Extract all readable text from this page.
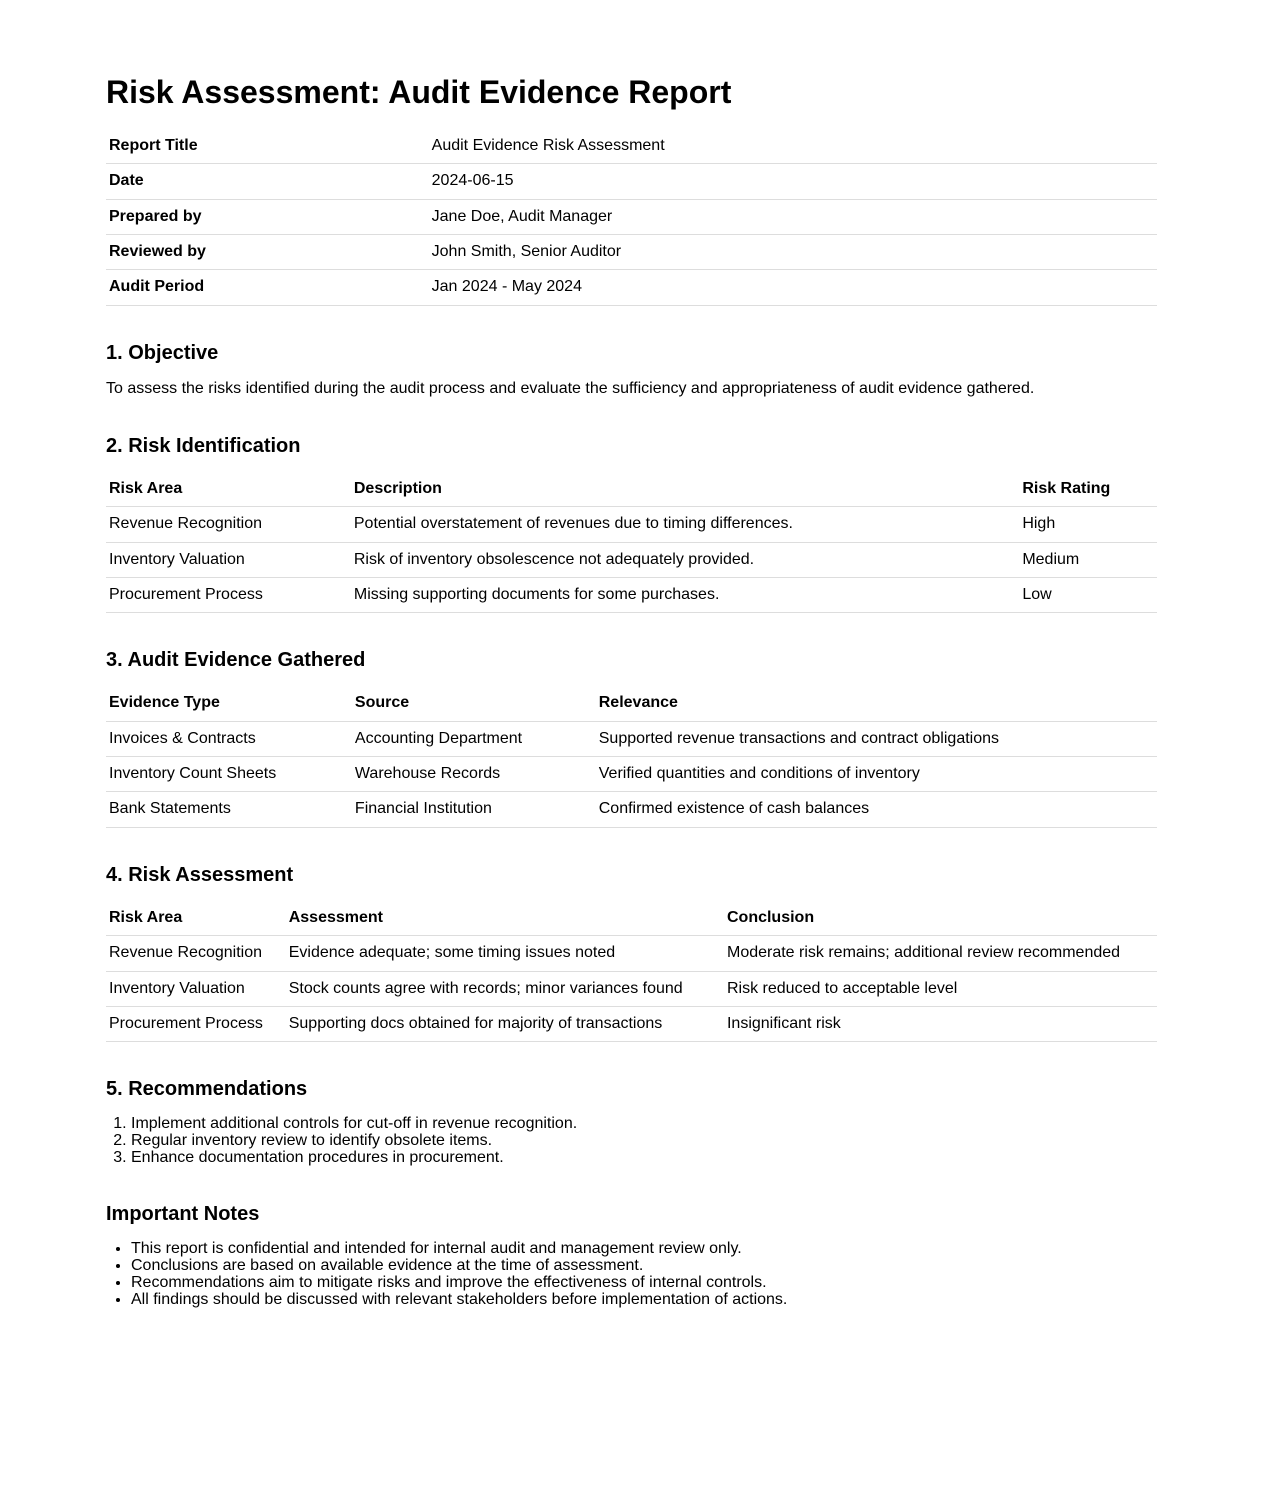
Risk Assessment: Audit Evidence Report
Report Title	Audit Evidence Risk Assessment
Date	2024-06-15
Prepared by	Jane Doe, Audit Manager
Reviewed by	John Smith, Senior Auditor
Audit Period	Jan 2024 - May 2024
1. Objective

To assess the risks identified during the audit process and evaluate the sufficiency and appropriateness of audit evidence gathered.

2. Risk Identification
Risk Area	Description	Risk Rating
Revenue Recognition	Potential overstatement of revenues due to timing differences.	High
Inventory Valuation	Risk of inventory obsolescence not adequately provided.	Medium
Procurement Process	Missing supporting documents for some purchases.	Low
3. Audit Evidence Gathered
Evidence Type	Source	Relevance
Invoices & Contracts	Accounting Department	Supported revenue transactions and contract obligations
Inventory Count Sheets	Warehouse Records	Verified quantities and conditions of inventory
Bank Statements	Financial Institution	Confirmed existence of cash balances
4. Risk Assessment
Risk Area	Assessment	Conclusion
Revenue Recognition	Evidence adequate; some timing issues noted	Moderate risk remains; additional review recommended
Inventory Valuation	Stock counts agree with records; minor variances found	Risk reduced to acceptable level
Procurement Process	Supporting docs obtained for majority of transactions	Insignificant risk
5. Recommendations
1. Implement additional controls for cut-off in revenue recognition.
2. Regular inventory review to identify obsolete items.
3. Enhance documentation procedures in procurement.
Important Notes
• This report is confidential and intended for internal audit and management review only.
• Conclusions are based on available evidence at the time of assessment.
• Recommendations aim to mitigate risks and improve the effectiveness of internal controls.
• All findings should be discussed with relevant stakeholders before implementation of actions.
